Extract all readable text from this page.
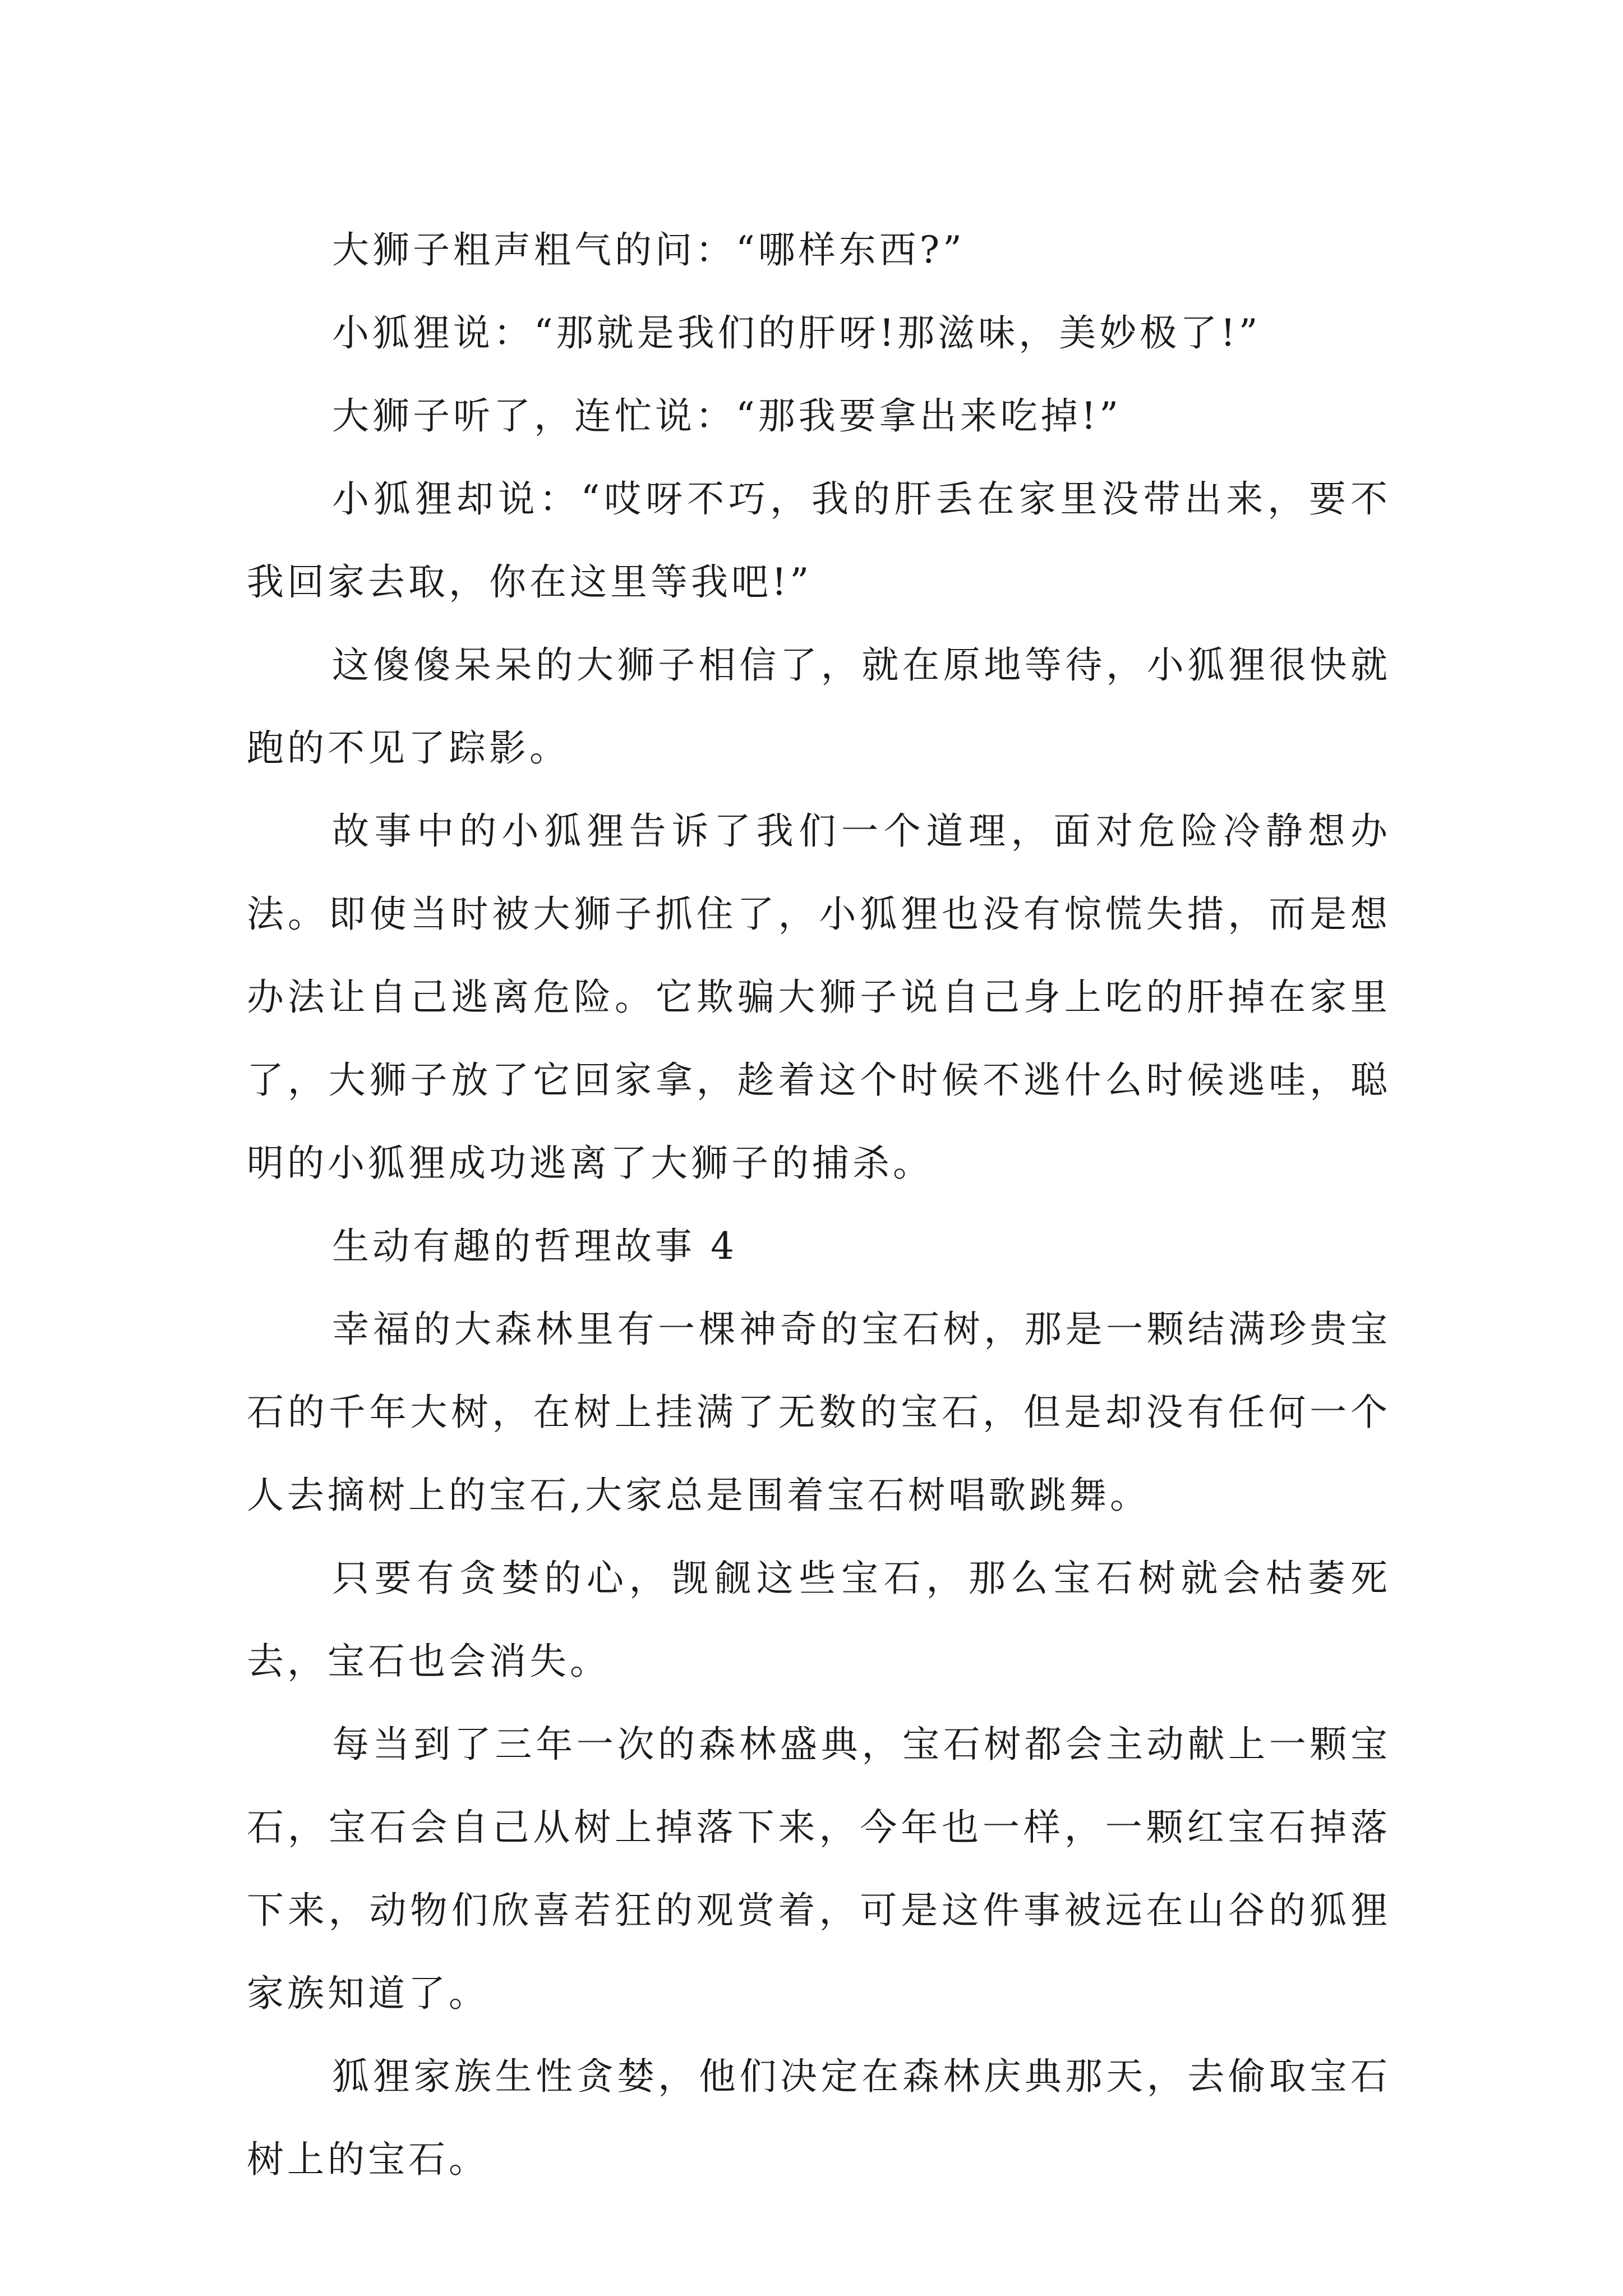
大狮子粗声粗气的问：“哪样东西?”

小狐狸说：“那就是我们的肝呀!那滋味，美妙极了!”

大狮子听了，连忙说：“那我要拿出来吃掉!”

小狐狸却说：“哎呀不巧，我的肝丢在家里没带出来，要不我回家去取，你在这里等我吧!”

这傻傻呆呆的大狮子相信了，就在原地等待，小狐狸很快就跑的不见了踪影。

故事中的小狐狸告诉了我们一个道理，面对危险冷静想办法。即使当时被大狮子抓住了，小狐狸也没有惊慌失措，而是想办法让自己逃离危险。它欺骗大狮子说自己身上吃的肝掉在家里了，大狮子放了它回家拿，趁着这个时候不逃什么时候逃哇，聪明的小狐狸成功逃离了大狮子的捕杀。

生动有趣的哲理故事 4

幸福的大森林里有一棵神奇的宝石树，那是一颗结满珍贵宝石的千年大树，在树上挂满了无数的宝石，但是却没有任何一个人去摘树上的宝石,大家总是围着宝石树唱歌跳舞。

只要有贪婪的心，觊觎这些宝石，那么宝石树就会枯萎死去，宝石也会消失。

每当到了三年一次的森林盛典，宝石树都会主动献上一颗宝石，宝石会自己从树上掉落下来，今年也一样，一颗红宝石掉落下来，动物们欣喜若狂的观赏着，可是这件事被远在山谷的狐狸家族知道了。

狐狸家族生性贪婪，他们决定在森林庆典那天，去偷取宝石树上的宝石。
